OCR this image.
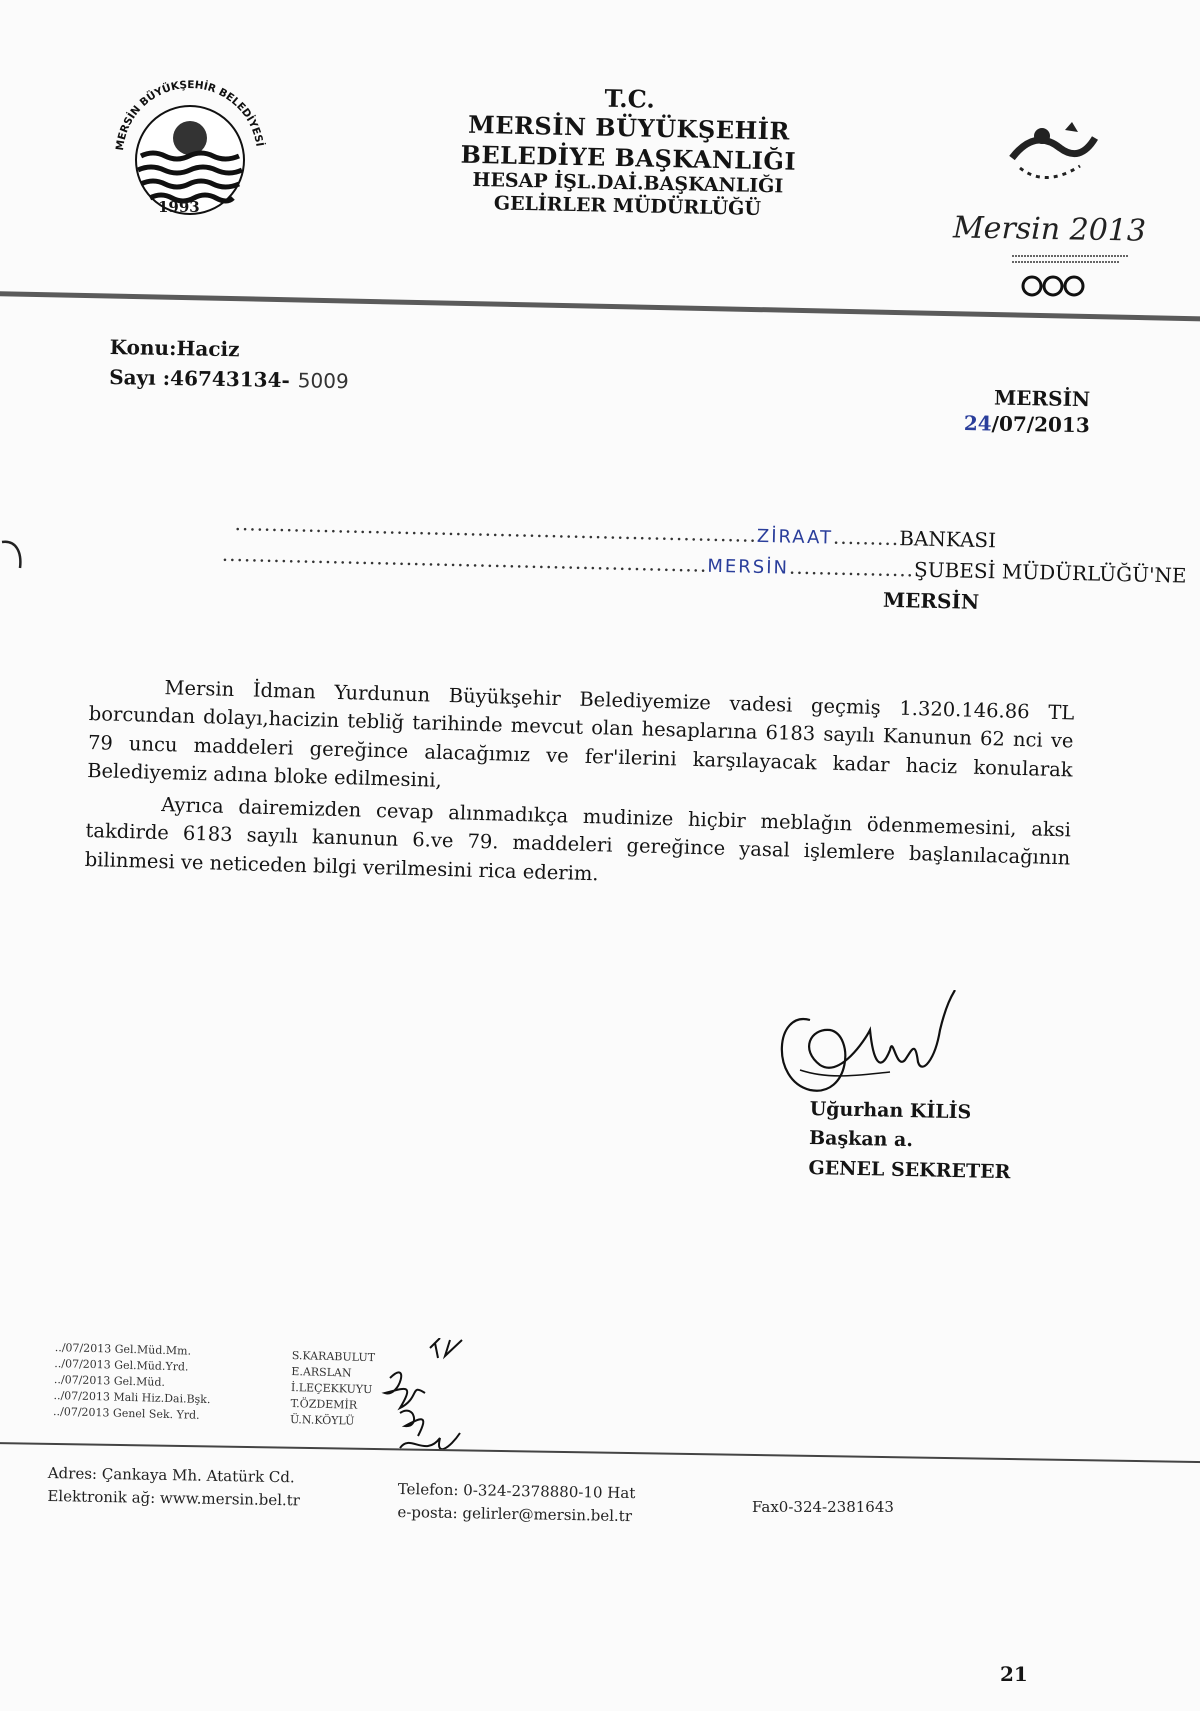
MERSİN BÜYÜKŞEHİR BELEDİYESİ
1993
T.C.
MERSİN BÜYÜKŞEHİR
BELEDİYE BAŞKANLIĞI
HESAP İŞL.DAİ.BAŞKANLIĞI
GELİRLER MÜDÜRLÜĞÜ
Mersin 2013
Konu:Haciz
Sayı :46743134- 5009
MERSİN
24/07/2013
.......................................................................ZİRAAT.........BANKASI
..................................................................MERSİN.................ŞUBESİ MÜDÜRLÜĞÜ'NE
MERSİN

Mersin İdman Yurdunun Büyükşehir Belediyemize vadesi geçmiş 1.320.146.86 TL borcundan dolayı,hacizin tebliğ tarihinde mevcut olan hesaplarına 6183 sayılı Kanunun 62 nci ve 79 uncu maddeleri gereğince alacağımız ve fer'ilerini karşılayacak kadar haciz konularak Belediyemiz adına bloke edilmesini,

Ayrıca dairemizden cevap alınmadıkça mudinize hiçbir meblağın ödenmemesini, aksi takdirde 6183 sayılı kanunun 6.ve 79. maddeleri gereğince yasal işlemlere başlanılacağının bilinmesi ve neticeden bilgi verilmesini rica ederim.

Uğurhan KİLİS
Başkan a.
GENEL SEKRETER
../07/2013 Gel.Müd.Mm.
../07/2013 Gel.Müd.Yrd.
../07/2013 Gel.Müd.
../07/2013 Mali Hiz.Dai.Bşk.
../07/2013 Genel Sek. Yrd.
S.KARABULUT
E.ARSLAN
İ.LEÇEKKUYU
T.ÖZDEMİR
Ü.N.KÖYLÜ
Adres: Çankaya Mh. Atatürk Cd.
Elektronik ağ: www.mersin.bel.tr	Telefon: 0-324-2378880-10 Hat
e-posta: gelirler@mersin.bel.tr	Fax0-324-2381643
21
